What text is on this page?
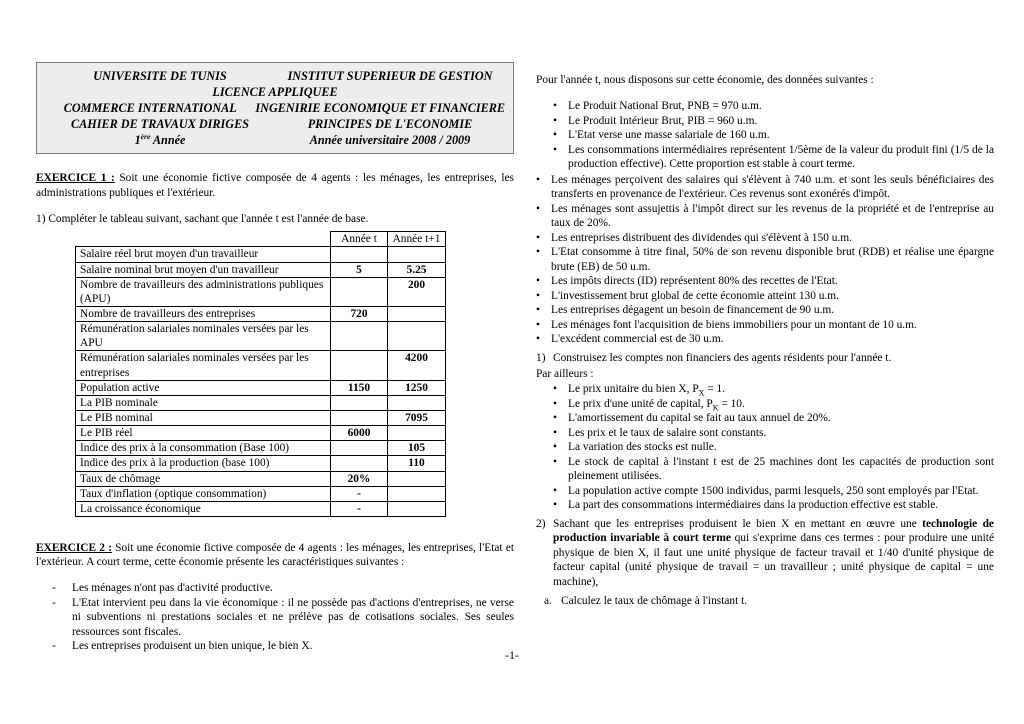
UNIVERSITE DE TUNIS	INSTITUT SUPERIEUR DE GESTION
LICENCE APPLIQUEE
COMMERCE INTERNATIONAL	INGENIRIE ECONOMIQUE ET FINANCIERE
CAHIER DE TRAVAUX DIRIGES	PRINCIPES DE L'ECONOMIE
1ère Année	Année universitaire 2008 / 2009

EXERCICE 1 : Soit une économie fictive composée de 4 agents : les ménages, les entreprises, les administrations publiques et l'extérieur.

1) Compléter le tableau suivant, sachant que l'année t est l'année de base.
	Année t	Année t+1
Salaire réel brut moyen d'un travailleur		
Salaire nominal brut moyen d'un travailleur	5	5.25
Nombre de travailleurs des administrations publiques (APU)		200
Nombre de travailleurs des entreprises	720	
Rémunération salariales nominales versées par les APU		
Rémunération salariales nominales versées par les entreprises		4200
Population active	1150	1250
La PIB nominale		
Le PIB nominal		7095
Le PIB réel	6000	
Indice des prix à la consommation (Base 100)		105
Indice des prix à la production (base 100)		110
Taux de chômage	20%	
Taux d'inflation (optique consommation)	-	
La croissance économique	-	

EXERCICE 2 : Soit une économie fictive composée de 4 agents : les ménages, les entreprises, l'Etat et l'extérieur. A court terme, cette économie présente les caractéristiques suivantes :

-	Les ménages n'ont pas d'activité productive.
-	L'Etat intervient peu dans la vie économique : il ne possède pas d'actions d'entreprises, ne verse ni subventions ni prestations sociales et ne prélève pas de cotisations sociales. Ses seules ressources sont fiscales.
-	Les entreprises produisent un bien unique, le bien X.

Pour l'année t, nous disposons sur cette économie, des données suivantes :

• Le Produit National Brut, PNB = 970 u.m.
• Le Produit Intérieur Brut, PIB = 960 u.m.
• L'Etat verse une masse salariale de 160 u.m.
• Les consommations intermédiaires représentent 1/5ème de la valeur du produit fini (1/5 de la production effective). Cette proportion est stable à court terme.
• Les ménages perçoivent des salaires qui s'élèvent à 740 u.m. et sont les seuls bénéficiaires des transferts en provenance de l'extérieur. Ces revenus sont exonérés d'impôt.
• Les ménages sont assujettis à l'impôt direct sur les revenus de la propriété et de l'entreprise au taux de 20%.
• Les entreprises distribuent des dividendes qui s'élèvent à 150 u.m.
• L'Etat consomme à titre final, 50% de son revenu disponible brut (RDB) et réalise une épargne brute (EB) de 50 u.m.
• Les impôts directs (ID) représentent 80% des recettes de l'Etat.
• L'investissement brut global de cette économie atteint 130 u.m.
• Les entreprises dégagent un besoin de financement de 90 u.m.
• Les ménages font l'acquisition de biens immobiliers pour un montant de 10 u.m.
• L'excédent commercial est de 30 u.m.
1) Construisez les comptes non financiers des agents résidents pour l'année t.
Par ailleurs :
• Le prix unitaire du bien X, $P_X = 1$.
• Le prix d'une unité de capital, $P_K = 10$.
• L'amortissement du capital se fait au taux annuel de 20%.
• Les prix et le taux de salaire sont constants.
• La variation des stocks est nulle.
• Le stock de capital à l'instant t est de 25 machines dont les capacités de production sont pleinement utilisées.
• La population active compte 1500 individus, parmi lesquels, 250 sont employés par l'Etat.
• La part des consommations intermédiaires dans la production effective est stable.
2) Sachant que les entreprises produisent le bien X en mettant en œuvre une technologie de production invariable à court terme qui s'exprime dans ces termes : pour produire une unité physique de bien X, il faut une unité physique de facteur travail et 1/40 d'unité physique de facteur capital (unité physique de travail = un travailleur ; unité physique de capital = une machine),
a. Calculez le taux de chômage à l'instant t.
-1-
